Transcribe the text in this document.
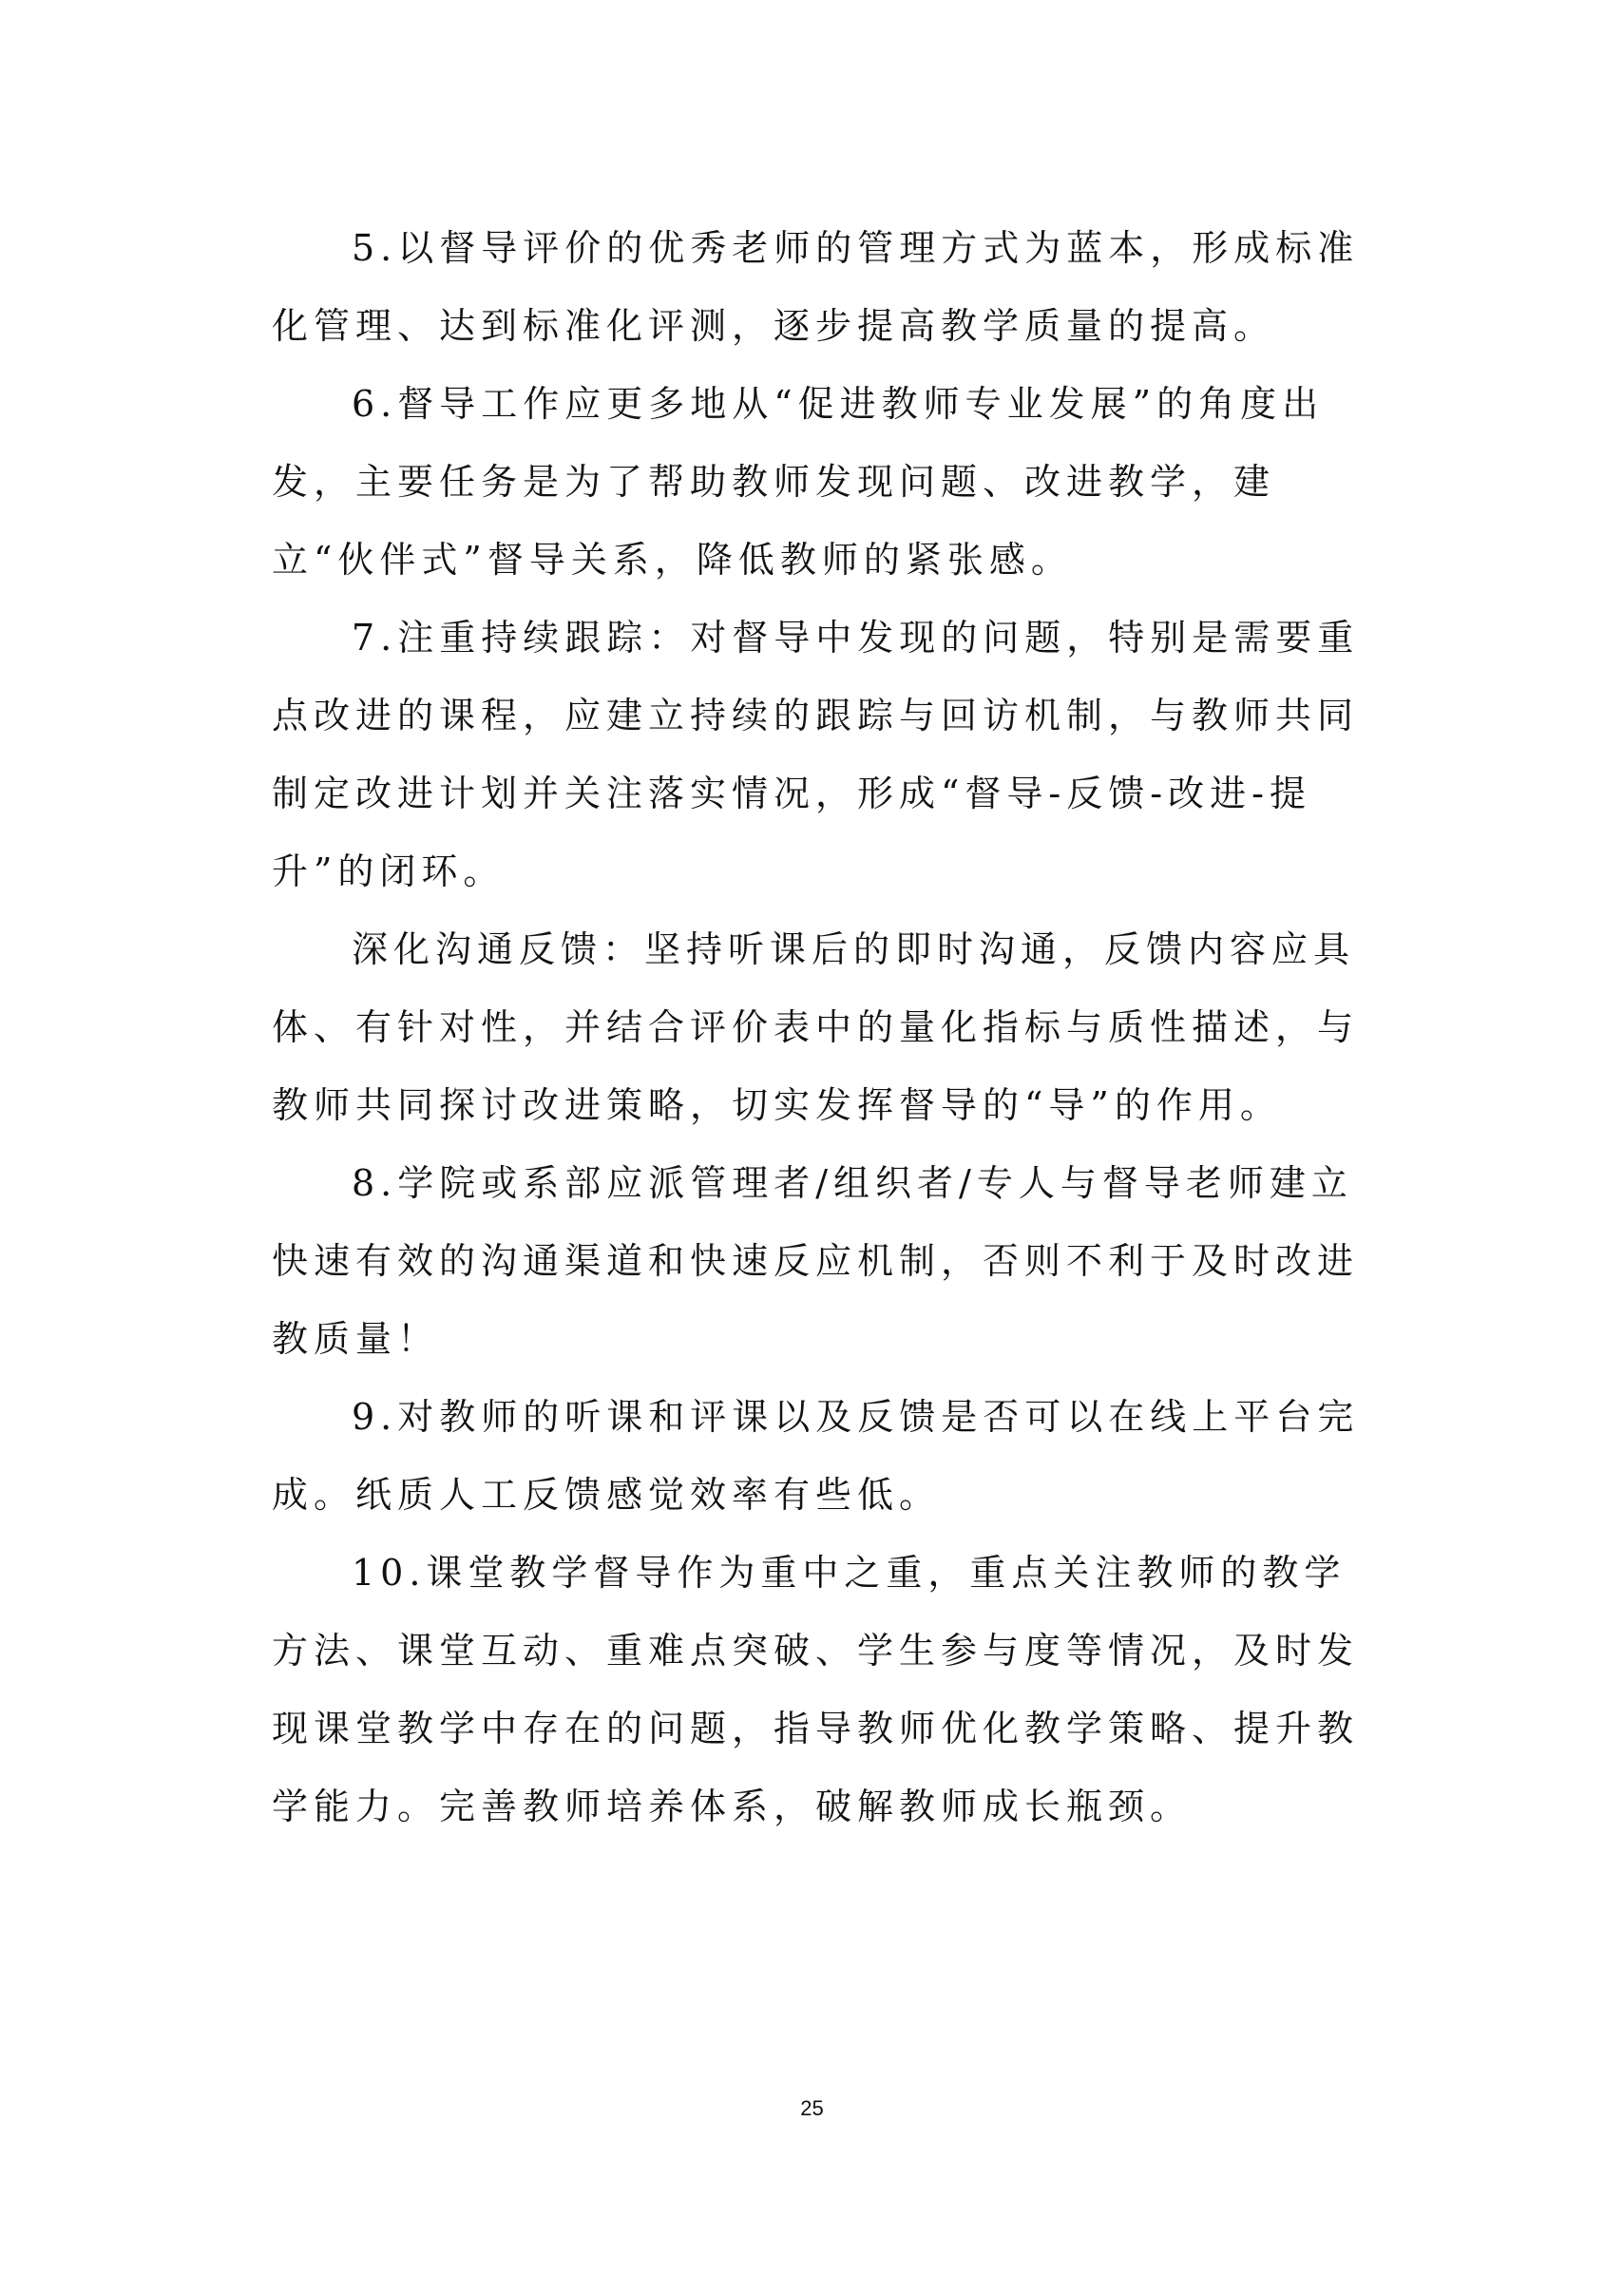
5.以督导评价的优秀老师的管理方式为蓝本，形成标准化管理、达到标准化评测，逐步提高教学质量的提高。

6.督导工作应更多地从“促进教师专业发展”的角度出发，主要任务是为了帮助教师发现问题、改进教学，建立“伙伴式”督导关系，降低教师的紧张感。

7.注重持续跟踪：对督导中发现的问题，特别是需要重点改进的课程，应建立持续的跟踪与回访机制，与教师共同制定改进计划并关注落实情况，形成“督导-反馈-改进-提升”的闭环。

深化沟通反馈：坚持听课后的即时沟通，反馈内容应具体、有针对性，并结合评价表中的量化指标与质性描述，与教师共同探讨改进策略，切实发挥督导的“导”的作用。

8.学院或系部应派管理者/组织者/专人与督导老师建立快速有效的沟通渠道和快速反应机制，否则不利于及时改进教质量！

9.对教师的听课和评课以及反馈是否可以在线上平台完成。纸质人工反馈感觉效率有些低。

10.课堂教学督导作为重中之重，重点关注教师的教学方法、课堂互动、重难点突破、学生参与度等情况，及时发现课堂教学中存在的问题，指导教师优化教学策略、提升教学能力。完善教师培养体系，破解教师成长瓶颈。

25
